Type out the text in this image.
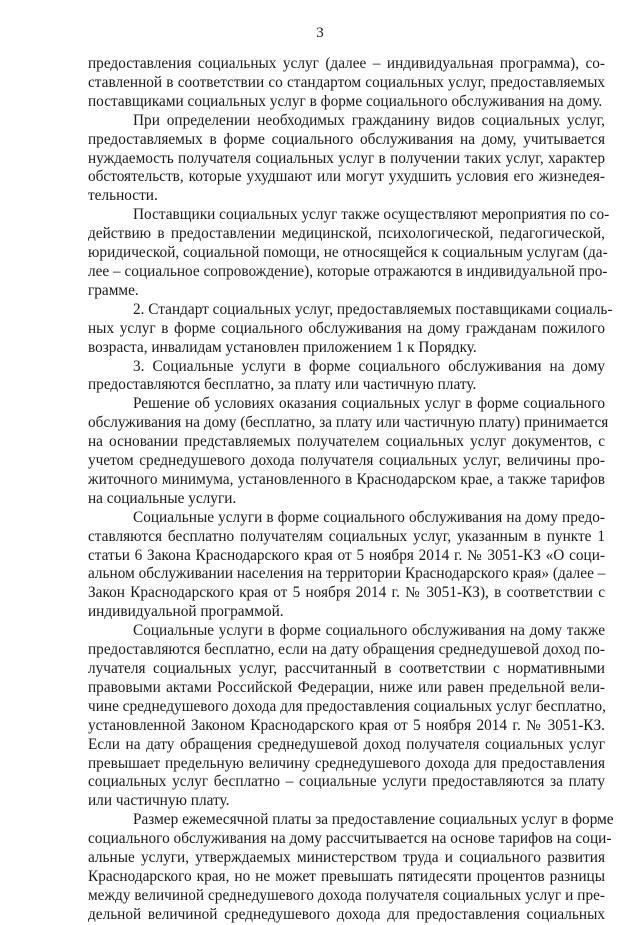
3
предоставления социальных услуг (далее – индивидуальная программа), со-
ставленной в соответствии со стандартом социальных услуг, предоставляемых
поставщиками социальных услуг в форме социального обслуживания на дому.
При определении необходимых гражданину видов социальных услуг,
предоставляемых в форме социального обслуживания на дому, учитывается
нуждаемость получателя социальных услуг в получении таких услуг, характер
обстоятельств, которые ухудшают или могут ухудшить условия его жизнедея-
тельности.
Поставщики социальных услуг также осуществляют мероприятия по со-
действию в предоставлении медицинской, психологической, педагогической,
юридической, социальной помощи, не относящейся к социальным услугам (да-
лее – социальное сопровождение), которые отражаются в индивидуальной про-
грамме.
2. Стандарт социальных услуг, предоставляемых поставщиками социаль-
ных услуг в форме социального обслуживания на дому гражданам пожилого
возраста, инвалидам установлен приложением 1 к Порядку.
3. Социальные услуги в форме социального обслуживания на дому
предоставляются бесплатно, за плату или частичную плату.
Решение об условиях оказания социальных услуг в форме социального
обслуживания на дому (бесплатно, за плату или частичную плату) принимается
на основании представляемых получателем социальных услуг документов, с
учетом среднедушевого дохода получателя социальных услуг, величины про-
житочного минимума, установленного в Краснодарском крае, а также тарифов
на социальные услуги.
Социальные услуги в форме социального обслуживания на дому предо-
ставляются бесплатно получателям социальных услуг, указанным в пункте 1
статьи 6 Закона Краснодарского края от 5 ноября 2014 г. № 3051-КЗ «О соци-
альном обслуживании населения на территории Краснодарского края» (далее –
Закон Краснодарского края от 5 ноября 2014 г. № 3051-КЗ), в соответствии с
индивидуальной программой.
Социальные услуги в форме социального обслуживания на дому также
предоставляются бесплатно, если на дату обращения среднедушевой доход по-
лучателя социальных услуг, рассчитанный в соответствии с нормативными
правовыми актами Российской Федерации, ниже или равен предельной вели-
чине среднедушевого дохода для предоставления социальных услуг бесплатно,
установленной Законом Краснодарского края от 5 ноября 2014 г. № 3051-КЗ.
Если на дату обращения среднедушевой доход получателя социальных услуг
превышает предельную величину среднедушевого дохода для предоставления
социальных услуг бесплатно – социальные услуги предоставляются за плату
или частичную плату.
Размер ежемесячной платы за предоставление социальных услуг в форме
социального обслуживания на дому рассчитывается на основе тарифов на соци-
альные услуги, утверждаемых министерством труда и социального развития
Краснодарского края, но не может превышать пятидесяти процентов разницы
между величиной среднедушевого дохода получателя социальных услуг и пре-
дельной величиной среднедушевого дохода для предоставления социальных
